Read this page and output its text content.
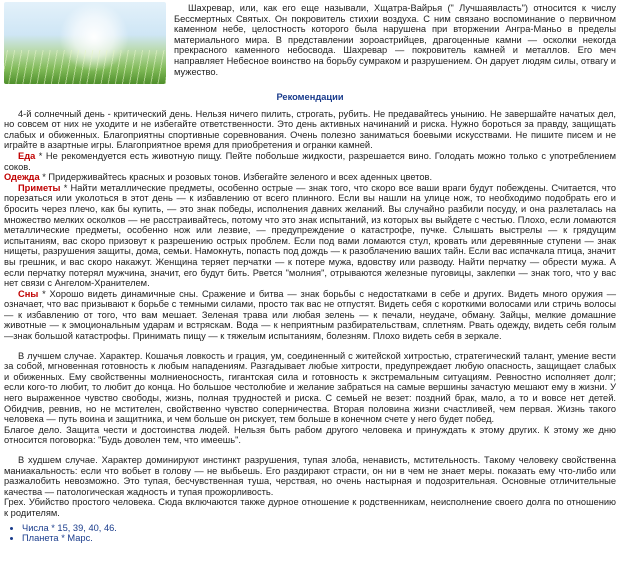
Шахревар, или, как его еще называли, Хщатра-Вайрья (" Лучшаявласть") относится к числу Бессмертных Святых. Он покровитель стихии воздуха. С ним связано воспоминание о первичном каменном небе, целостность которого была нарушена при вторжении Ангра-Маньо в пределы материального мира. В представлении зороастрийцев, драгоценные камни — осколки некогда прекрасного каменного небосвода. Шахревар — покровитель камней и металлов. Его меч направляет Небесное воинство на борьбу сумраком и разрушением. Он дарует людям силы, отвагу и мужество.

Рекомендации

4-й солнечный день - критический день. Нельзя ничего пилить, строгать, рубить. Не предавайтесь унынию. Не завершайте начатых дел, но совсем от них не уходите и не избегайте ответственности. Это день активных начинаний и риска. Нужно бороться за правду, защищать слабых и обиженных. Благоприятны спортивные соревнования. Очень полезно заниматься боевыми искусствами. Не пишите писем и не играйте в азартные игры. Благоприятное время для приобретения и огранки камней.

Еда * Не рекомендуется есть животную пищу. Пейте побольше жидкости, разрешается вино. Голодать можно только с употреблением соков.

Одежда * Придерживайтесь красных и розовых тонов. Избегайте зеленого и всех аденных цветов.

Приметы * Найти металлические предметы, особенно острые — знак того, что скоро все ваши враги будут побеждены. Считается, что порезаться или уколоться в этот день — к избавлению от всего плинного. Если вы нашли на улице нож, то необходимо подобрать его и бросить через плечо, как бы купить, — это знак победы, исполнения давних желаний. Вы случайно разбили посуду, и она разлеталась на множество мелких осколков — не расстраивайтесь, потому что это знак испытаний, из которых вы выйдете с честью. Плохо, если ломаются металлические предметы, особенно нож или лезвие, — предупреждение о катастрофе, пучке. Слышать выстрелы — к грядущим испытаниям, вас скоро призовут к разрешению острых проблем. Если под вами ломаются стул, кровать или деревянные ступени — знак нищеты, разрушения защиты, дома, семьи. Намокнуть, попасть под дождь — к разоблачению ваших тайн. Если вас испачкала птица, значит вы грешник, и вас скоро накажут. Женщина теряет перчатки — к потере мужа, вдовству или разводу. Найти перчатку — обрести мужа. А если перчатку потерял мужчина, значит, его будут бить. Рвется "молния", отрываются железные пуговицы, заклепки — знак того, что у вас нет связи с Ангелом-Хранителем.

Сны * Хорошо видеть динамичные сны. Сражение и битва — знак борьбы с недостатками в себе и других. Видеть много оружия — означает, что вас призывают к борьбе с темными силами, просто так вас не отпустят. Видеть себя с короткими волосами или стричь волосы — к избавлению от того, что вам мешает. Зеленая трава или любая зелень — к печали, неудаче, обману. Зайцы, мелкие домашние животные — к эмоциональным ударам и встряскам. Вода — к неприятным разбирательствам, сплетням. Рвать одежду, видеть себя голым—знак большой катастрофы. Принимать пищу — к тяжелым испытаниям, болезням. Плохо видеть себя в зеркале.

В лучшем случае. Характер. Кошачья ловкость и грация, ум, соединенный с житейской хитростью, стратегический талант, умение вести за собой, мгновенная готовность к любым нападениям. Разгадывает любые хитрости, предупреждает любую опасность, защищает слабых и обиженных. Ему свойственны молниеносность, гигантская сила и готовность к экстремальным ситуациям. Ревностно исполняет долг; если кого-то любит, то любит до конца. Но большое честолюбие и желание забраться на самые вершины зачастую мешают ему в жизни. У него выраженное чувство свободы, жизнь, полная трудностей и риска. С семьей не везет: поздний брак, мало, а то и вовсе нет детей. Обидчив, ревнив, но не мстителен, свойственно чувство соперничества. Вторая половина жизни счастливей, чем первая. Жизнь такого человека — путь воина и защитника, и чем больше он рискует, тем больше в конечном счете у него будет побед.

Благое дело. Защита чести и достоинства людей. Нельзя быть рабом другого человека и принуждать к этому других. К этому же дню относится поговорка: "Будь доволен тем, что имеешь".

В худшем случае. Характер доминируют инстинкт разрушения, тупая злоба, ненависть, мстительность. Такому человеку свойственна маниакальность: если что вобьет в голову — не выбьешь. Его раздирают страсти, он ни в чем не знает меры. показать ему что-либо или разжалобить невозможно. Это тупая, бесчувственная туша, черствая, но очень настырная и подозрительная. Основные отличительные качества — патологическая жадность и тупая прожорливость.

Грех. Убийство простого человека. Сюда включаются также дурное отношение к родственникам, неисполнение своего долга по отношению к родителям.

• Числа * 15, 39, 40, 46.
• Планета * Марс.
